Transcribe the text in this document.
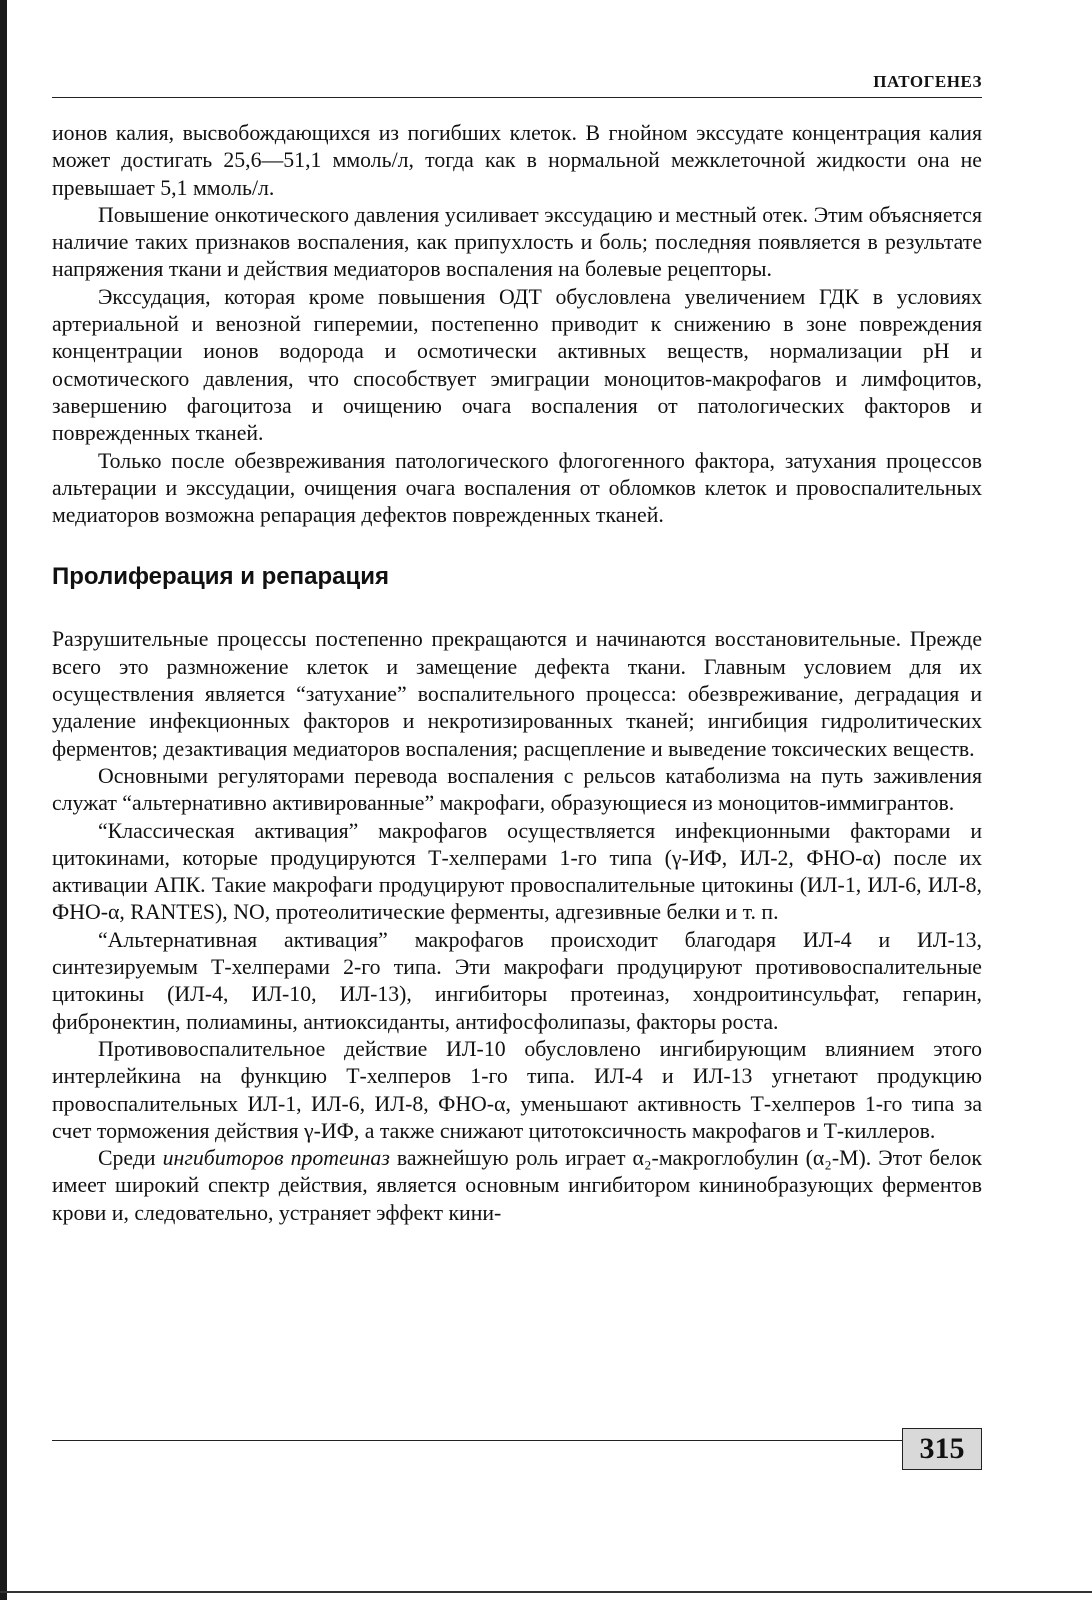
ПАТОГЕНЕЗ

ионов калия, высвобождающихся из погибших клеток. В гнойном экссудате концентрация калия может достигать 25,6—51,1 ммоль/л, тогда как в нормальной межклеточной жидкости она не превышает 5,1 ммоль/л.

Повышение онкотического давления усиливает экссудацию и местный отек. Этим объясняется наличие таких признаков воспаления, как припухлость и боль; последняя появляется в результате напряжения ткани и действия медиаторов воспаления на болевые рецепторы.

Экссудация, которая кроме повышения ОДТ обусловлена увеличением ГДК в условиях артериальной и венозной гиперемии, постепенно приводит к снижению в зоне повреждения концентрации ионов водорода и осмотически активных веществ, нормализации pH и осмотического давления, что способствует эмиграции моноцитов-макрофагов и лимфоцитов, завершению фагоцитоза и очищению очага воспаления от патологических факторов и поврежденных тканей.

Только после обезвреживания патологического флогогенного фактора, затухания процессов альтерации и экссудации, очищения очага воспаления от обломков клеток и провоспалительных медиаторов возможна репарация дефектов поврежденных тканей.

Пролиферация и репарация

Разрушительные процессы постепенно прекращаются и начинаются восстановительные. Прежде всего это размножение клеток и замещение дефекта ткани. Главным условием для их осуществления является “затухание” воспалительного процесса: обезвреживание, деградация и удаление инфекционных факторов и некротизированных тканей; ингибиция гидролитических ферментов; дезактивация медиаторов воспаления; расщепление и выведение токсических веществ.

Основными регуляторами перевода воспаления с рельсов катаболизма на путь заживления служат “альтернативно активированные” макрофаги, образующиеся из моноцитов-иммигрантов.

“Классическая активация” макрофагов осуществляется инфекционными факторами и цитокинами, которые продуцируются Т-хелперами 1-го типа (γ-ИФ, ИЛ-2, ФНО-α) после их активации АПК. Такие макрофаги продуцируют провоспалительные цитокины (ИЛ-1, ИЛ-6, ИЛ-8, ФНО-α, RANTES), NO, протеолитические ферменты, адгезивные белки и т. п.

“Альтернативная активация” макрофагов происходит благодаря ИЛ-4 и ИЛ-13, синтезируемым Т-хелперами 2-го типа. Эти макрофаги продуцируют противовоспалительные цитокины (ИЛ-4, ИЛ-10, ИЛ-13), ингибиторы протеиназ, хондроитинсульфат, гепарин, фибронектин, полиамины, антиоксиданты, антифосфолипазы, факторы роста.

Противовоспалительное действие ИЛ-10 обусловлено ингибирующим влиянием этого интерлейкина на функцию Т-хелперов 1-го типа. ИЛ-4 и ИЛ-13 угнетают продукцию провоспалительных ИЛ-1, ИЛ-6, ИЛ-8, ФНО-α, уменьшают активность Т-хелперов 1-го типа за счет торможения действия γ-ИФ, а также снижают цитотоксичность макрофагов и Т-киллеров.

Среди ингибиторов протеиназ важнейшую роль играет α₂-макроглобулин (α₂-М). Этот белок имеет широкий спектр действия, является основным ингибитором кининобразующих ферментов крови и, следовательно, устраняет эффект кини-

315
